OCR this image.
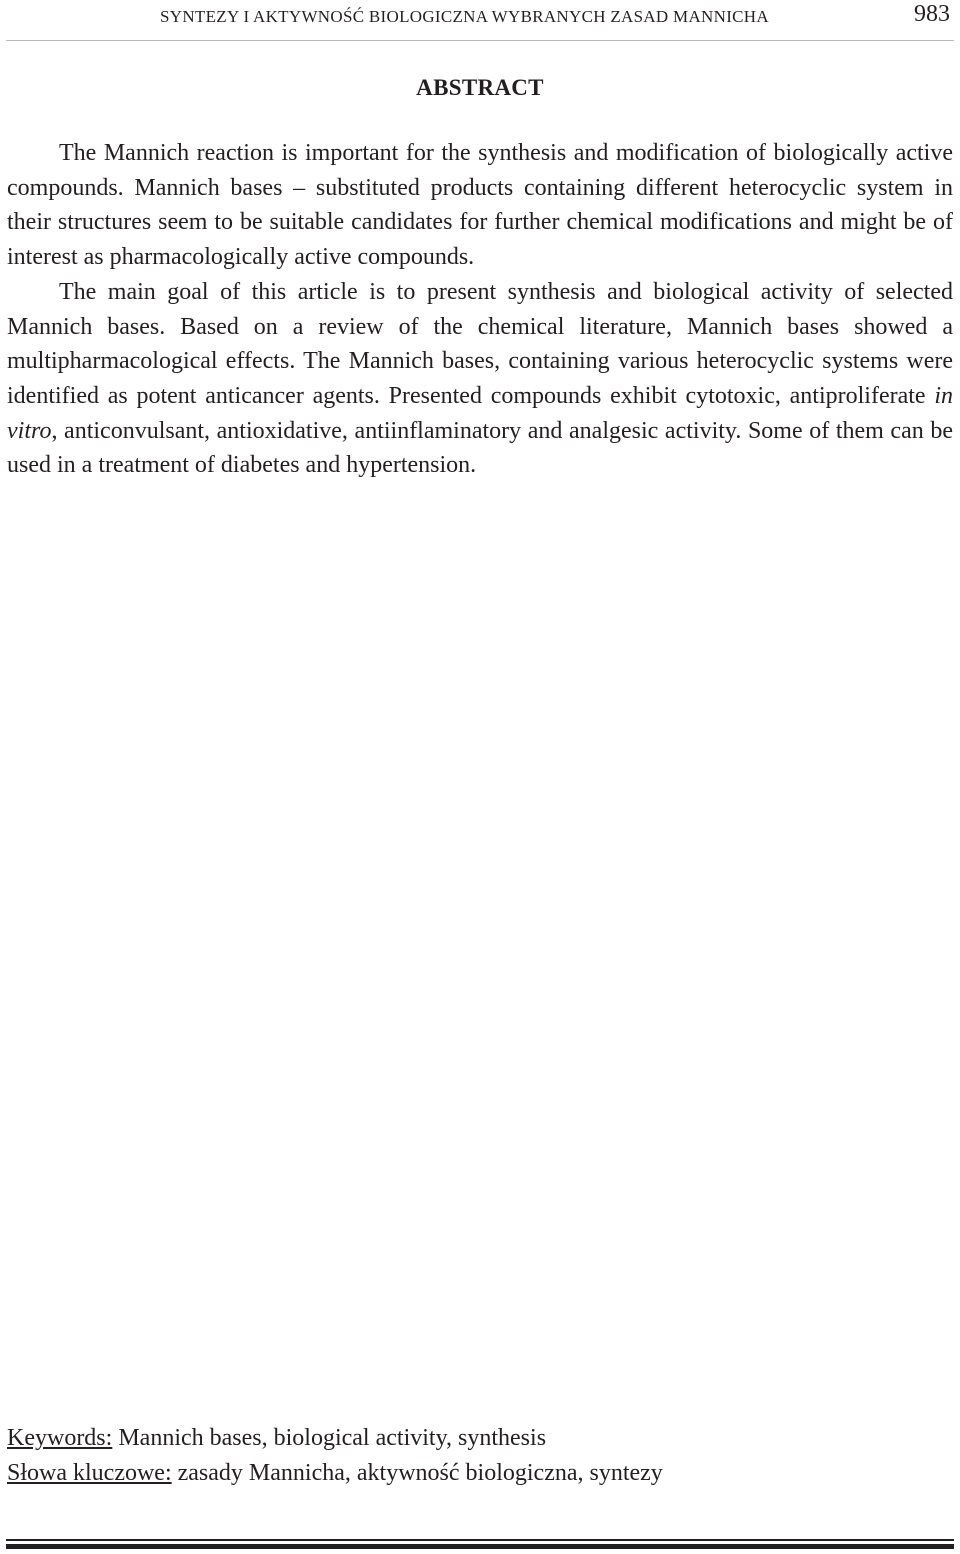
SYNTEZY I AKTYWNOŚĆ BIOLOGICZNA WYBRANYCH ZASAD MANNICHA	983
ABSTRACT

The Mannich reaction is important for the synthesis and modification of biologically active compounds. Mannich bases – substituted products containing different heterocyclic system in their structures seem to be suitable candidates for further chemical modifications and might be of interest as pharmacologically active compounds.

The main goal of this article is to present synthesis and biological activity of selected Mannich bases. Based on a review of the chemical literature, Mannich bases showed a multipharmacological effects. The Mannich bases, containing various heterocyclic systems were identified as potent anticancer agents. Presented compounds exhibit cytotoxic, antiproliferate in vitro, anticonvulsant, antioxidative, antiinflaminatory and analgesic activity. Some of them can be used in a treatment of diabetes and hypertension.

Keywords: Mannich bases, biological activity, synthesis

Słowa kluczowe: zasady Mannicha, aktywność biologiczna, syntezy
